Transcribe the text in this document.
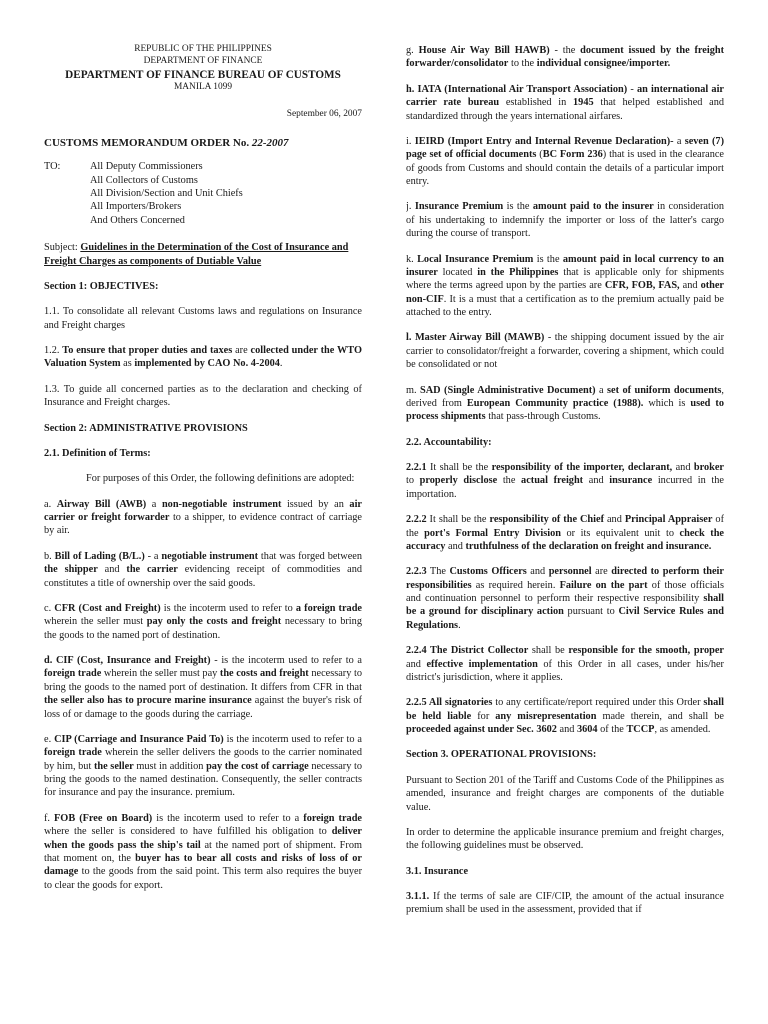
REPUBLIC OF THE PHILIPPINES
DEPARTMENT OF FINANCE
DEPARTMENT OF FINANCE BUREAU OF CUSTOMS
MANILA 1099
September 06, 2007
CUSTOMS MEMORANDUM ORDER No. 22-2007
TO:	All Deputy Commissioners
All Collectors of Customs
All Division/Section and Unit Chiefs
All Importers/Brokers
And Others Concerned
Subject: Guidelines in the Determination of the Cost of Insurance and Freight Charges as components of Dutiable Value

Section 1: OBJECTIVES:

1.1. To consolidate all relevant Customs laws and regulations on Insurance and Freight charges

1.2. To ensure that proper duties and taxes are collected under the WTO Valuation System as implemented by CAO No. 4-2004.

1.3. To guide all concerned parties as to the declaration and checking of Insurance and Freight charges.

Section 2: ADMINISTRATIVE PROVISIONS

2.1. Definition of Terms:

For purposes of this Order, the following definitions are adopted:

a. Airway Bill (AWB) a non-negotiable instrument issued by an air carrier or freight forwarder to a shipper, to evidence contract of carriage by air.

b. Bill of Lading (B/L.) - a negotiable instrument that was forged between the shipper and the carrier evidencing receipt of commodities and constitutes a title of ownership over the said goods.

c. CFR (Cost and Freight) is the incoterm used to refer to a foreign trade wherein the seller must pay only the costs and freight necessary to bring the goods to the named port of destination.

d. CIF (Cost, Insurance and Freight) - is the incoterm used to refer to a foreign trade wherein the seller must pay the costs and freight necessary to bring the goods to the named port of destination. It differs from CFR in that the seller also has to procure marine insurance against the buyer's risk of loss of or damage to the goods during the carriage.

e. CIP (Carriage and Insurance Paid To) is the incoterm used to refer to a foreign trade wherein the seller delivers the goods to the carrier nominated by him, but the seller must in addition pay the cost of carriage necessary to bring the goods to the named destination. Consequently, the seller contracts for insurance and pay the insurance. premium.

f. FOB (Free on Board) is the incoterm used to refer to a foreign trade where the seller is considered to have fulfilled his obligation to deliver when the goods pass the ship's tail at the named port of shipment. From that moment on, the buyer has to bear all costs and risks of loss of or damage to the goods from the said point. This term also requires the buyer to clear the goods for export.

g. House Air Way Bill HAWB) - the document issued by the freight forwarder/consolidator to the individual consignee/importer.

h. IATA (International Air Transport Association) - an international air carrier rate bureau established in 1945 that helped established and standardized through the years international airfares.

i. IEIRD (Import Entry and Internal Revenue Declaration)- a seven (7) page set of official documents (BC Form 236) that is used in the clearance of goods from Customs and should contain the details of a particular import entry.

j. Insurance Premium is the amount paid to the insurer in consideration of his undertaking to indemnify the importer or loss of the latter's cargo during the course of transport.

k. Local Insurance Premium is the amount paid in local currency to an insurer located in the Philippines that is applicable only for shipments where the terms agreed upon by the parties are CFR, FOB, FAS, and other non-CIF. It is a must that a certification as to the premium actually paid be attached to the entry.

l. Master Airway Bill (MAWB) - the shipping document issued by the air carrier to consolidator/freight a forwarder, covering a shipment, which could be consolidated or not

m. SAD (Single Administrative Document) a set of uniform documents, derived from European Community practice (1988). which is used to process shipments that pass-through Customs.

2.2. Accountability:

2.2.1 It shall be the responsibility of the importer, declarant, and broker to properly disclose the actual freight and insurance incurred in the importation.

2.2.2 It shall be the responsibility of the Chief and Principal Appraiser of the port's Formal Entry Division or its equivalent unit to check the accuracy and truthfulness of the declaration on freight and insurance.

2.2.3 The Customs Officers and personnel are directed to perform their responsibilities as required herein. Failure on the part of those officials and continuation personnel to perform their respective responsibility shall be a ground for disciplinary action pursuant to Civil Service Rules and Regulations.

2.2.4 The District Collector shall be responsible for the smooth, proper and effective implementation of this Order in all cases, under his/her district's jurisdiction, where it applies.

2.2.5 All signatories to any certificate/report required under this Order shall be held liable for any misrepresentation made therein, and shall be proceeded against under Sec. 3602 and 3604 of the TCCP, as amended.

Section 3. OPERATIONAL PROVISIONS:

Pursuant to Section 201 of the Tariff and Customs Code of the Philippines as amended, insurance and freight charges are components of the dutiable value.

In order to determine the applicable insurance premium and freight charges, the following guidelines must be observed.

3.1. Insurance

3.1.1. If the terms of sale are CIF/CIP, the amount of the actual insurance premium shall be used in the assessment, provided that if
